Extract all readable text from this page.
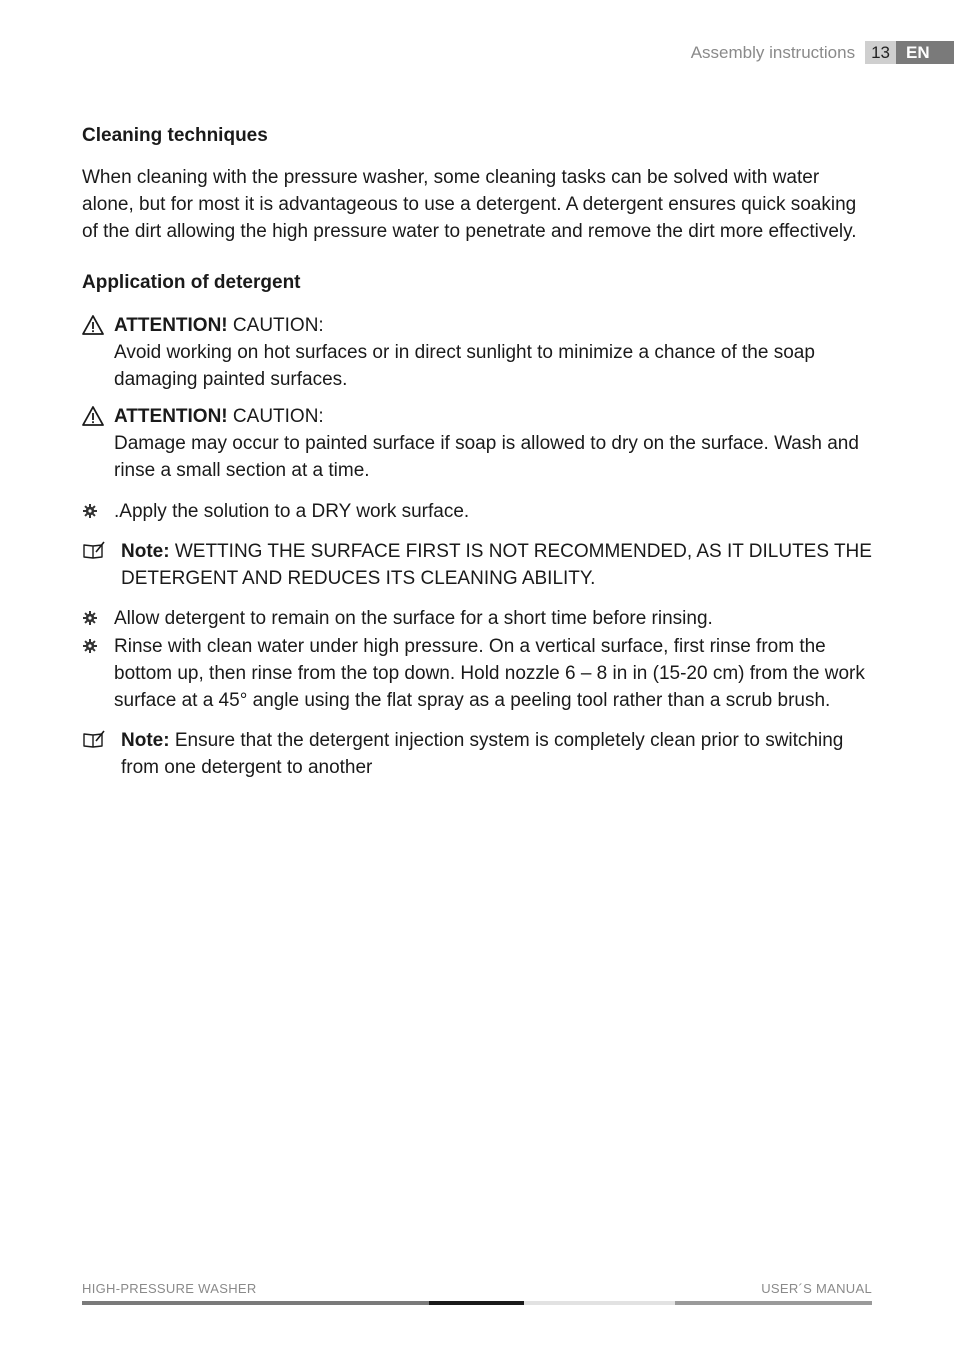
Assembly instructions 13 EN
Cleaning techniques

When cleaning with the pressure washer, some cleaning tasks can be solved with water alone, but for most it is advantageous to use a detergent. A detergent ensures quick soaking of the dirt allowing the high pressure water to penetrate and remove the dirt more effectively.

Application of detergent
ATTENTION! CAUTION:
Avoid working on hot surfaces or in direct sunlight to minimize a chance of the soap damaging painted surfaces.
ATTENTION! CAUTION:
Damage may occur to painted surface if soap is allowed to dry on the surface. Wash and rinse a small section at a time.
.Apply the solution to a DRY work surface.
Note: WETTING THE SURFACE FIRST IS NOT RECOMMENDED, AS IT DILUTES THE DETERGENT AND REDUCES ITS CLEANING ABILITY.
Allow detergent to remain on the surface for a short time before rinsing.
Rinse with clean water under high pressure. On a vertical surface, first rinse from the bottom up, then rinse from the top down. Hold nozzle 6 – 8 in in (15-20 cm) from the work surface at a 45° angle using the flat spray as a peeling tool rather than a scrub brush.
Note: Ensure that the detergent injection system is completely clean prior to switching from one detergent to another
HIGH-PRESSURE WASHER	USER´S MANUAL
